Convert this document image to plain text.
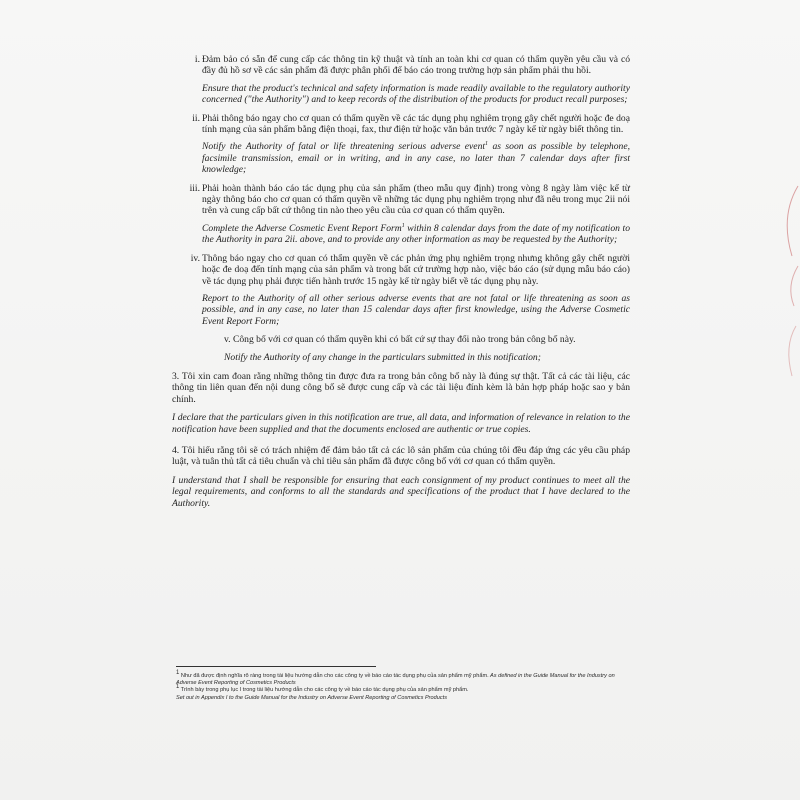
i. Đảm bảo có sẵn để cung cấp các thông tin kỹ thuật và tính an toàn khi cơ quan có thẩm quyền yêu cầu và có đầy đủ hồ sơ về các sản phẩm đã được phân phối để báo cáo trong trường hợp sản phẩm phải thu hồi.

Ensure that the product's technical and safety information is made readily available to the regulatory authority concerned ("the Authority") and to keep records of the distribution of the products for product recall purposes;

ii. Phải thông báo ngay cho cơ quan có thẩm quyền về các tác dụng phụ nghiêm trọng gây chết người hoặc đe doạ tính mạng của sản phẩm bằng điện thoại, fax, thư điện tử hoặc văn bản trước 7 ngày kể từ ngày biết thông tin.

Notify the Authority of fatal or life threatening serious adverse event$^1$ as soon as possible by telephone, facsimile transmission, email or in writing, and in any case, no later than 7 calendar days after first knowledge;

iii. Phải hoàn thành báo cáo tác dụng phụ của sản phẩm (theo mẫu quy định) trong vòng 8 ngày làm việc kể từ ngày thông báo cho cơ quan có thẩm quyền về những tác dụng phụ nghiêm trọng như đã nêu trong mục 2ii nói trên và cung cấp bất cứ thông tin nào theo yêu cầu của cơ quan có thẩm quyền.

Complete the Adverse Cosmetic Event Report Form$^1$ within 8 calendar days from the date of my notification to the Authority in para 2ii. above, and to provide any other information as may be requested by the Authority;

iv. Thông báo ngay cho cơ quan có thẩm quyền về các phản ứng phụ nghiêm trọng nhưng không gây chết người hoặc đe doạ đến tính mạng của sản phẩm và trong bất cứ trường hợp nào, việc báo cáo (sử dụng mẫu báo cáo) về tác dụng phụ phải được tiến hành trước 15 ngày kể từ ngày biết về tác dụng phụ này.

Report to the Authority of all other serious adverse events that are not fatal or life threatening as soon as possible, and in any case, no later than 15 calendar days after first knowledge, using the Adverse Cosmetic Event Report Form;

v. Công bố với cơ quan có thẩm quyền khi có bất cứ sự thay đổi nào trong bản công bố này.

Notify the Authority of any change in the particulars submitted in this notification;

3. Tôi xin cam đoan rằng những thông tin được đưa ra trong bản công bố này là đúng sự thật. Tất cả các tài liệu, các thông tin liên quan đến nội dung công bố sẽ được cung cấp và các tài liệu đính kèm là bản hợp pháp hoặc sao y bản chính.

I declare that the particulars given in this notification are true, all data, and information of relevance in relation to the notification have been supplied and that the documents enclosed are authentic or true copies.

4. Tôi hiểu rằng tôi sẽ có trách nhiệm để đảm bảo tất cả các lô sản phẩm của chúng tôi đều đáp ứng các yêu cầu pháp luật, và tuân thủ tất cả tiêu chuẩn và chỉ tiêu sản phẩm đã được công bố với cơ quan có thẩm quyền.

I understand that I shall be responsible for ensuring that each consignment of my product continues to meet all the legal requirements, and conforms to all the standards and specifications of the product that I have declared to the Authority.

$^1$ Như đã được định nghĩa rõ ràng trong tài liệu hướng dẫn cho các công ty về báo cáo tác dụng phụ của sản phẩm mỹ phẩm. As defined in the Guide Manual for the Industry on Adverse Event Reporting of Cosmetics Products

$^1$ Trình bày trong phụ lục I trong tài liệu hướng dẫn cho các công ty về báo cáo tác dụng phụ của sản phẩm mỹ phẩm.

Set out in Appendix I to the Guide Manual for the Industry on Adverse Event Reporting of Cosmetics Products
